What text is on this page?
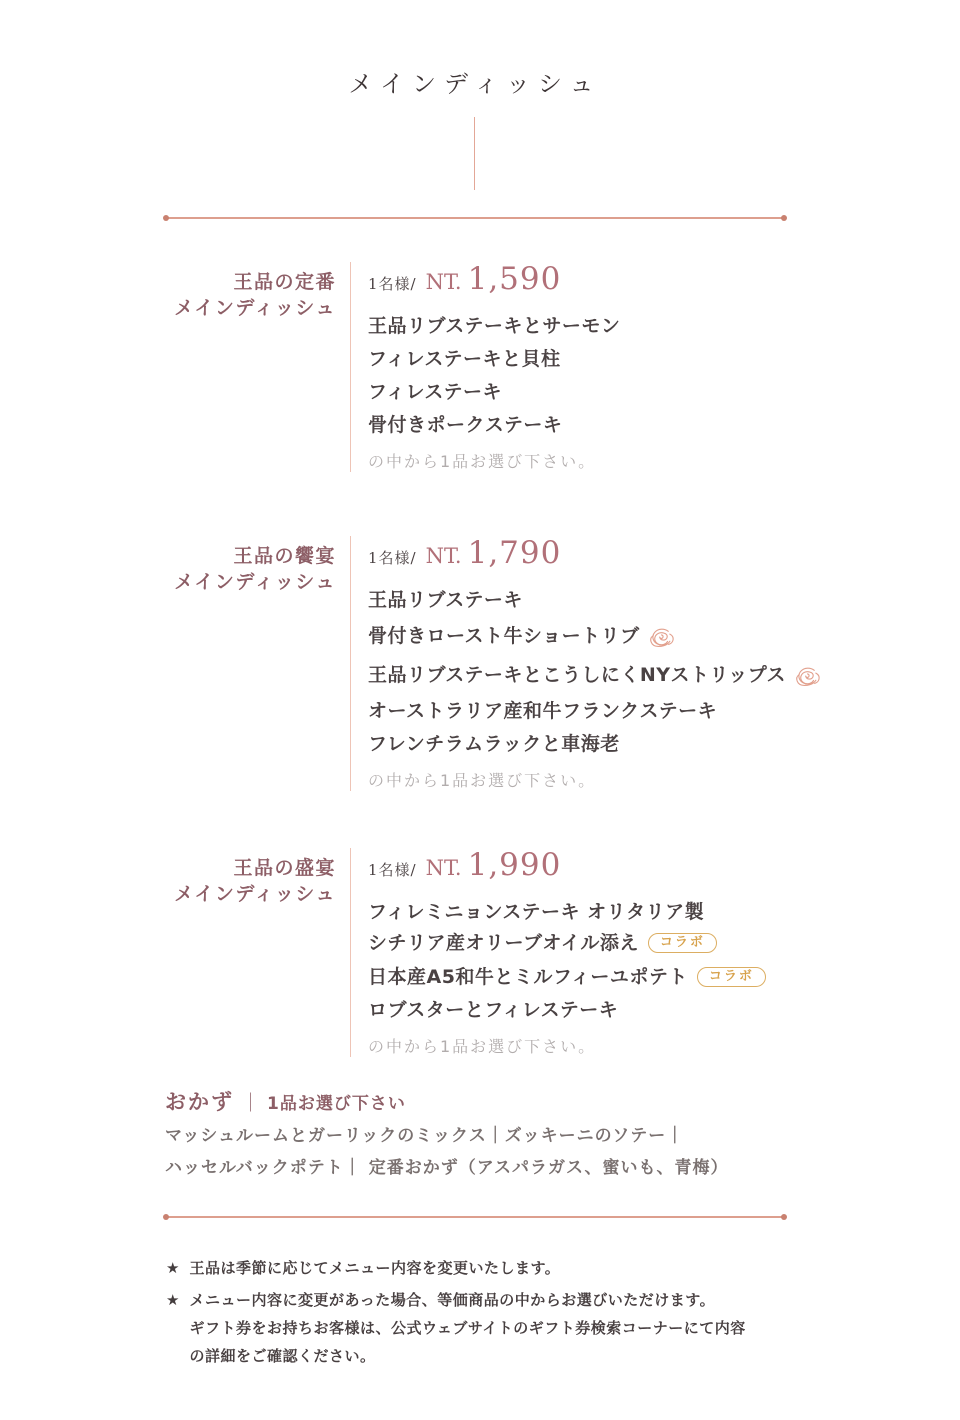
メインディッシュ
王品の定番
メインディッシュ
1名様/ NT. 1,590
王品リブステーキとサーモン
フィレステーキと貝柱
フィレステーキ
骨付きポークステーキ
の中から1品お選び下さい。
王品の饗宴
メインディッシュ
1名様/ NT. 1,790
王品リブステーキ
骨付きロースト牛ショートリブ
王品リブステーキとこうしにくNYストリップス
オーストラリア産和牛フランクステーキ
フレンチラムラックと車海老
の中から1品お選び下さい。
王品の盛宴
メインディッシュ
1名様/ NT. 1,990
フィレミニョンステーキ オリタリア製
シチリア産オリーブオイル添え	コラボ
日本産A5和牛とミルフィーユポテト	コラボ
ロブスターとフィレステーキ
の中から1品お選び下さい。
おかず ｜ 1品お選び下さい
マッシュルームとガーリックのミックス｜ズッキーニのソテー｜
ハッセルバックポテト｜ 定番おかず（アスパラガス、蜜いも、青梅）
★ 王品は季節に応じてメニュー内容を変更いたします。
★ メニュー内容に変更があった場合、等価商品の中からお選びいただけます。
ギフト券をお持ちお客様は、公式ウェブサイトのギフト券検索コーナーにて内容
の詳細をご確認ください。
